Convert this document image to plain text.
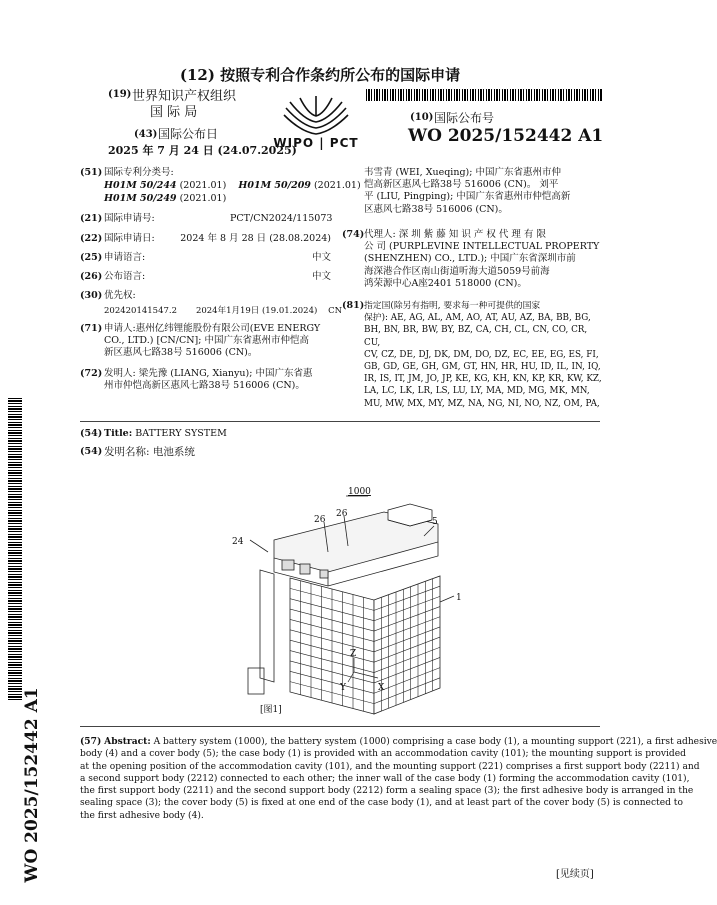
(12) 按照专利合作条约所公布的国际申请
(19) 世界知识产权组织
国 际 局
(43) 国际公布日
2025 年 7 月 24 日 (24.07.2025)
WIPO | PCT
(10) 国际公布号
WO 2025/152442 A1
(51) 国际专利分类号:
H01M 50/244 (2021.01) H01M 50/209 (2021.01)
H01M 50/249 (2021.01)
(21) 国际申请号:	PCT/CN2024/115073
(22) 国际申请日:	2024 年 8 月 28 日 (28.08.2024)
(25) 申请语言:	中文
(26) 公布语言:	中文
(30) 优先权:
202420141547.2 2024年1月19日 (19.01.2024) CN
(71) 申请人:惠州亿纬锂能股份有限公司(EVE ENERGY
CO., LTD.) [CN/CN]; 中国广东省惠州市仲恺高
新区惠风七路38号 516006 (CN)。
(72) 发明人: 梁先豫 (LIANG, Xianyu); 中国广东省惠
州市仲恺高新区惠风七路38号 516006 (CN)。
韦雪青 (WEI, Xueqing); 中国广东省惠州市仲
恺高新区惠风七路38号 516006 (CN)。 刘平
平 (LIU, Pingping); 中国广东省惠州市仲恺高新
区惠风七路38号 516006 (CN)。
(74) 代理人: 深 圳 紫 藤 知 识 产 权 代 理 有 限
公 司 (PURPLEVINE INTELLECTUAL PROPERTY
(SHENZHEN) CO., LTD.); 中国广东省深圳市前
海深港合作区南山街道听海大道5059号前海
鸿荣源中心A座2401 518000 (CN)。
(81) 指定国(除另有指明, 要求每一种可提供的国家
保护): AE, AG, AL, AM, AO, AT, AU, AZ, BA, BB, BG,
BH, BN, BR, BW, BY, BZ, CA, CH, CL, CN, CO, CR, CU,
CV, CZ, DE, DJ, DK, DM, DO, DZ, EC, EE, EG, ES, FI,
GB, GD, GE, GH, GM, GT, HN, HR, HU, ID, IL, IN, IQ,
IR, IS, IT, JM, JO, JP, KE, KG, KH, KN, KP, KR, KW, KZ,
LA, LC, LK, LR, LS, LU, LY, MA, MD, MG, MK, MN,
MU, MW, MX, MY, MZ, NA, NG, NI, NO, NZ, OM, PA,
(54) Title: BATTERY SYSTEM
(54) 发明名称: 电池系统
1000
26
26
5
24
1
X
Y
Z
[图1]
(57) Abstract: A battery system (1000), the battery system (1000) comprising a case body (1), a mounting support (221), a first adhesive
body (4) and a cover body (5); the case body (1) is provided with an accommodation cavity (101); the mounting support is provided
at the opening position of the accommodation cavity (101), and the mounting support (221) comprises a first support body (2211) and
a second support body (2212) connected to each other; the inner wall of the case body (1) forming the accommodation cavity (101),
the first support body (2211) and the second support body (2212) form a sealing space (3); the first adhesive body is arranged in the
sealing space (3); the cover body (5) is fixed at one end of the case body (1), and at least part of the cover body (5) is connected to
the first adhesive body (4).
WO 2025/152442 A1	[见续页]
